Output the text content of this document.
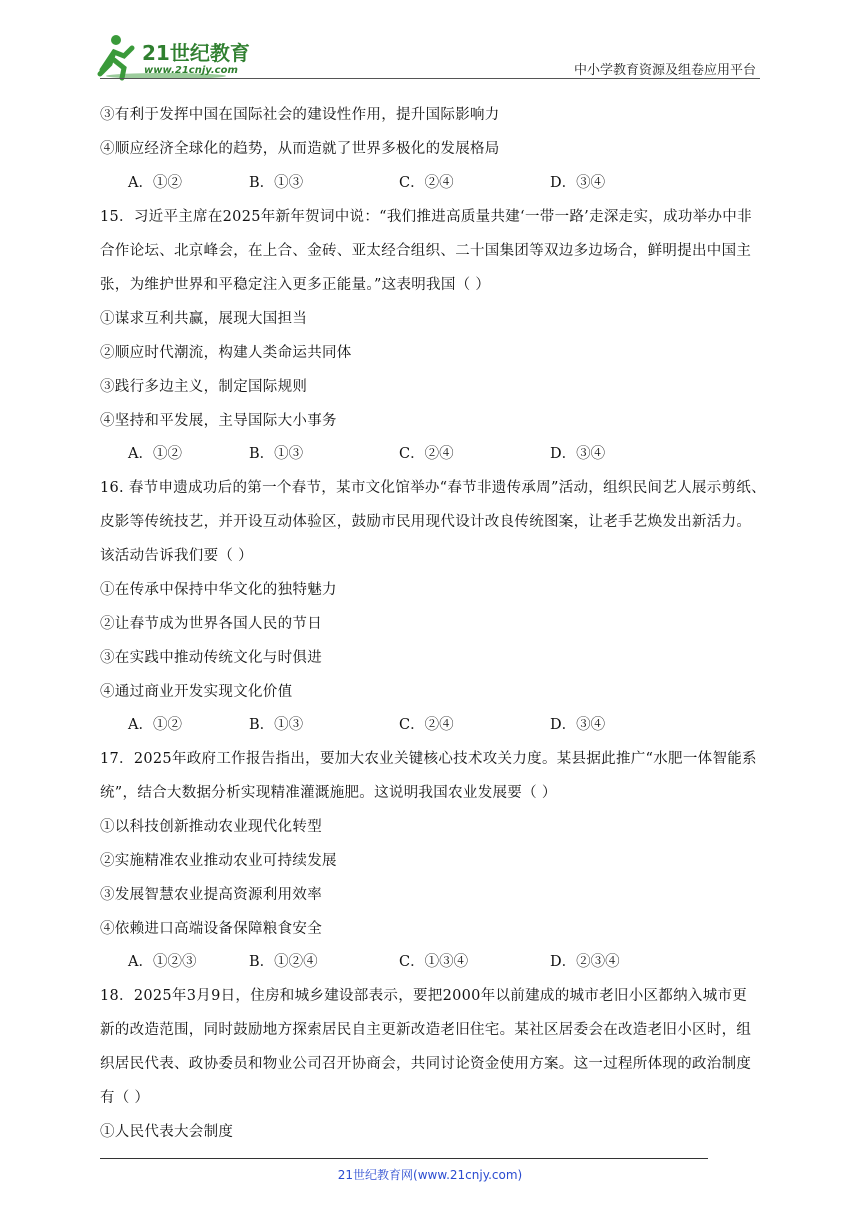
21世纪教育
www.21cnjy.com	中小学教育资源及组卷应用平台
③有利于发挥中国在国际社会的建设性作用，提升国际影响力
④顺应经济全球化的趋势，从而造就了世界多极化的发展格局
A．①②	B．①③	C．②④	D．③④
15．习近平主席在2025年新年贺词中说：“我们推进高质量共建‘一带一路’走深走实，成功举办中非
合作论坛、北京峰会，在上合、金砖、亚太经合组织、二十国集团等双边多边场合，鲜明提出中国主
张，为维护世界和平稳定注入更多正能量。”这表明我国（ ）
①谋求互利共赢，展现大国担当
②顺应时代潮流，构建人类命运共同体
③践行多边主义，制定国际规则
④坚持和平发展，主导国际大小事务
A．①②	B．①③	C．②④	D．③④
16. 春节申遗成功后的第一个春节，某市文化馆举办“春节非遗传承周”活动，组织民间艺人展示剪纸、
皮影等传统技艺，并开设互动体验区，鼓励市民用现代设计改良传统图案，让老手艺焕发出新活力。
该活动告诉我们要（ ）
①在传承中保持中华文化的独特魅力
②让春节成为世界各国人民的节日
③在实践中推动传统文化与时俱进
④通过商业开发实现文化价值
A．①②	B．①③	C．②④	D．③④
17．2025年政府工作报告指出，要加大农业关键核心技术攻关力度。某县据此推广“水肥一体智能系
统”，结合大数据分析实现精准灌溉施肥。这说明我国农业发展要（ ）
①以科技创新推动农业现代化转型
②实施精准农业推动农业可持续发展
③发展智慧农业提高资源利用效率
④依赖进口高端设备保障粮食安全
A．①②③	B．①②④	C．①③④	D．②③④
18．2025年3月9日，住房和城乡建设部表示，要把2000年以前建成的城市老旧小区都纳入城市更
新的改造范围，同时鼓励地方探索居民自主更新改造老旧住宅。某社区居委会在改造老旧小区时，组
织居民代表、政协委员和物业公司召开协商会，共同讨论资金使用方案。这一过程所体现的政治制度
有（ ）
①人民代表大会制度
21世纪教育网(www.21cnjy.com)
